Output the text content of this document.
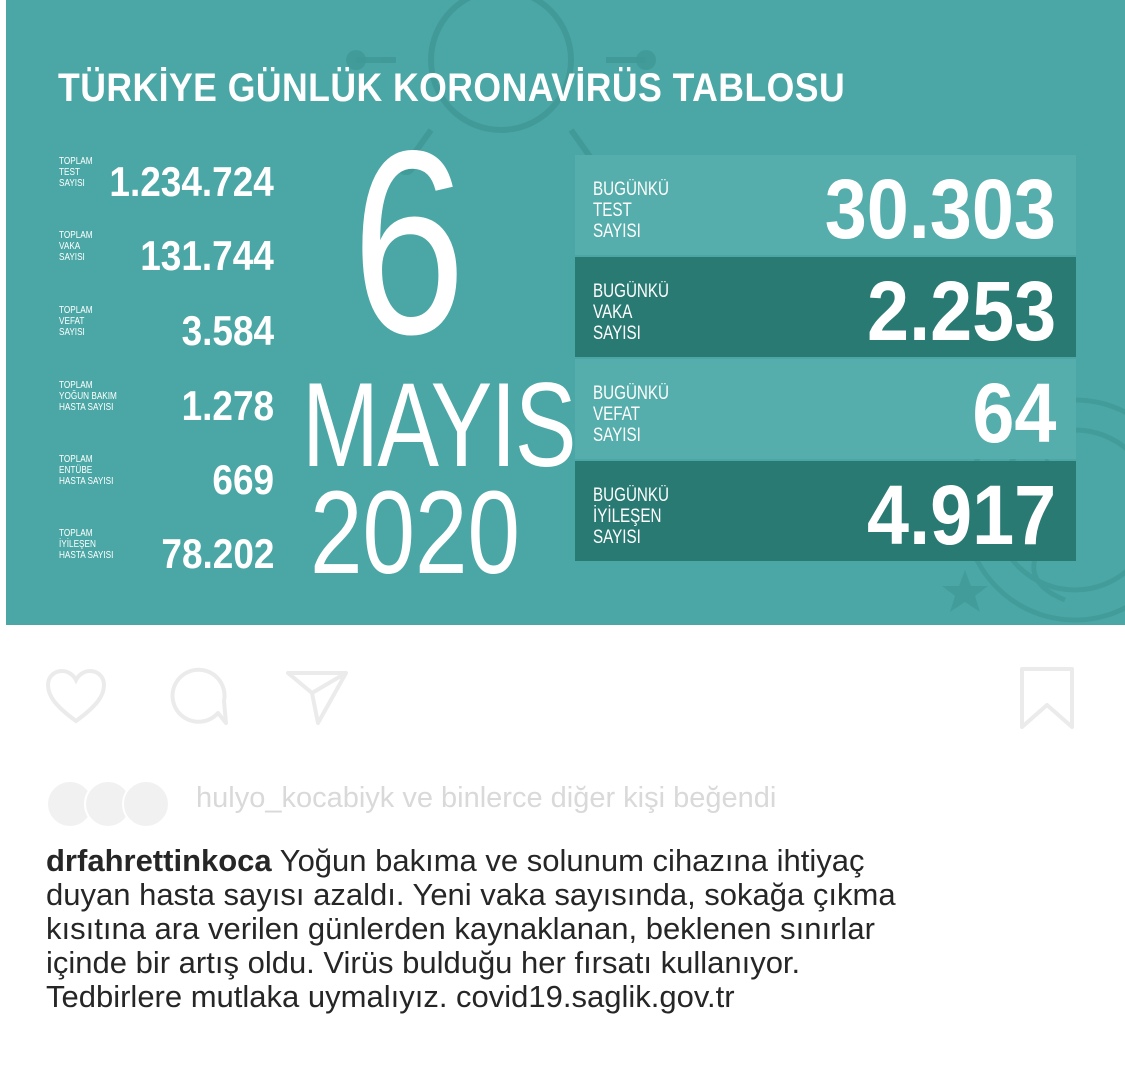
TÜRKİYE GÜNLÜK KORONAVİRÜS TABLOSU
TOPLAM
TEST
SAYISI 1.234.724
TOPLAM
VAKA
SAYISI 131.744
TOPLAM
VEFAT
SAYISI 3.584
TOPLAM
YOĞUN BAKIM
HASTA SAYISI 1.278
TOPLAM
ENTÜBE
HASTA SAYISI 669
TOPLAM
İYİLEŞEN
HASTA SAYISI 78.202
6
MAYIS
2020
BUGÜNKÜ
TEST
SAYISI	30.303
BUGÜNKÜ
VAKA
SAYISI	2.253
BUGÜNKÜ
VEFAT
SAYISI	64
BUGÜNKÜ
İYİLEŞEN
SAYISI	4.917
hulyo_kocabiyk ve binlerce diğer kişi beğendi
drfahrettinkoca Yoğun bakıma ve solunum cihazına ihtiyaç
duyan hasta sayısı azaldı. Yeni vaka sayısında, sokağa çıkma
kısıtına ara verilen günlerden kaynaklanan, beklenen sınırlar
içinde bir artış oldu. Virüs bulduğu her fırsatı kullanıyor.
Tedbirlere mutlaka uymalıyız. covid19.saglik.gov.tr
